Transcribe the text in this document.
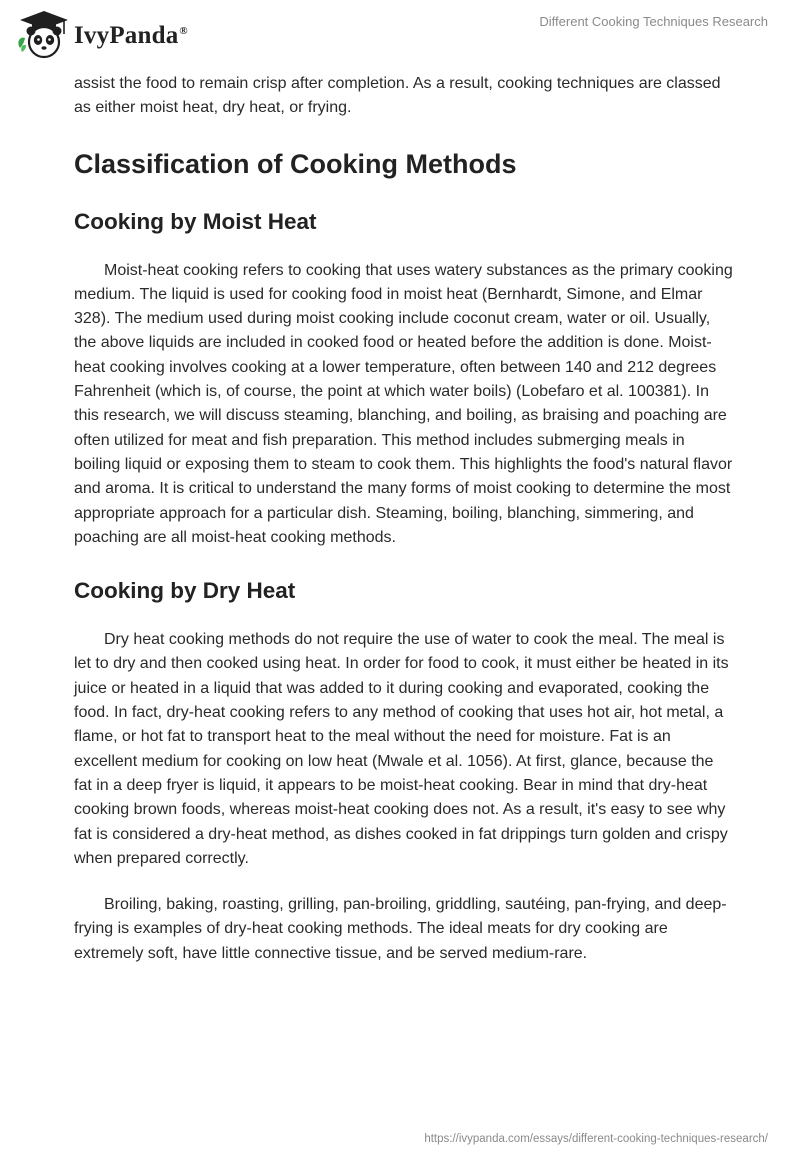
IvyPanda®
Different Cooking Techniques Research

assist the food to remain crisp after completion. As a result, cooking techniques are classed as either moist heat, dry heat, or frying.

Classification of Cooking Methods
Cooking by Moist Heat

Moist-heat cooking refers to cooking that uses watery substances as the primary cooking medium. The liquid is used for cooking food in moist heat (Bernhardt, Simone, and Elmar 328). The medium used during moist cooking include coconut cream, water or oil. Usually, the above liquids are included in cooked food or heated before the addition is done. Moist-heat cooking involves cooking at a lower temperature, often between 140 and 212 degrees Fahrenheit (which is, of course, the point at which water boils) (Lobefaro et al. 100381). In this research, we will discuss steaming, blanching, and boiling, as braising and poaching are often utilized for meat and fish preparation. This method includes submerging meals in boiling liquid or exposing them to steam to cook them. This highlights the food's natural flavor and aroma. It is critical to understand the many forms of moist cooking to determine the most appropriate approach for a particular dish. Steaming, boiling, blanching, simmering, and poaching are all moist-heat cooking methods.

Cooking by Dry Heat

Dry heat cooking methods do not require the use of water to cook the meal. The meal is let to dry and then cooked using heat. In order for food to cook, it must either be heated in its juice or heated in a liquid that was added to it during cooking and evaporated, cooking the food. In fact, dry-heat cooking refers to any method of cooking that uses hot air, hot metal, a flame, or hot fat to transport heat to the meal without the need for moisture. Fat is an excellent medium for cooking on low heat (Mwale et al. 1056). At first, glance, because the fat in a deep fryer is liquid, it appears to be moist-heat cooking. Bear in mind that dry-heat cooking brown foods, whereas moist-heat cooking does not. As a result, it's easy to see why fat is considered a dry-heat method, as dishes cooked in fat drippings turn golden and crispy when prepared correctly.

Broiling, baking, roasting, grilling, pan-broiling, griddling, sautéing, pan-frying, and deep-frying is examples of dry-heat cooking methods. The ideal meats for dry cooking are extremely soft, have little connective tissue, and be served medium-rare.

https://ivypanda.com/essays/different-cooking-techniques-research/
